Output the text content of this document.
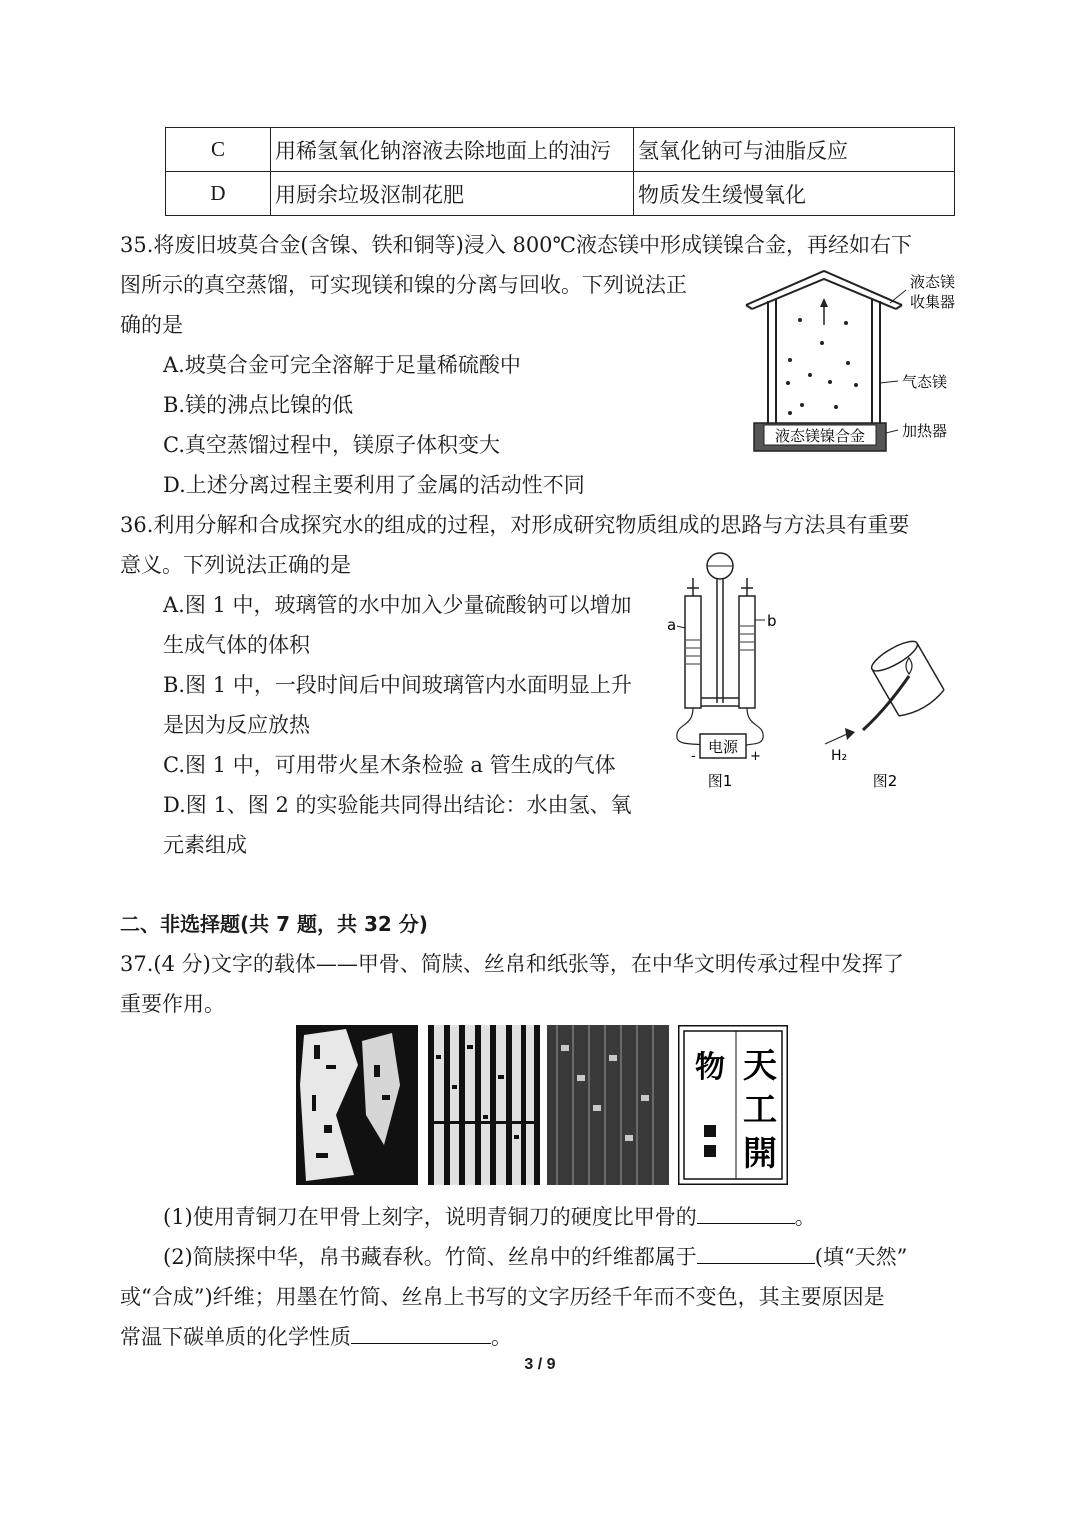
C	用稀氢氧化钠溶液去除地面上的油污	氢氧化钠可与油脂反应
D	用厨余垃圾沤制花肥	物质发生缓慢氧化
35.将废旧坡莫合金(含镍、铁和铜等)浸入 800℃液态镁中形成镁镍合金，再经如右下
图所示的真空蒸馏，可实现镁和镍的分离与回收。下列说法正
确的是
A.坡莫合金可完全溶解于足量稀硫酸中
B.镁的沸点比镍的低
C.真空蒸馏过程中，镁原子体积变大
D.上述分离过程主要利用了金属的活动性不同
液态镁镍合金
液态镁
收集器
气态镁
加热器
36.利用分解和合成探究水的组成的过程，对形成研究物质组成的思路与方法具有重要
意义。下列说法正确的是
A.图 1 中，玻璃管的水中加入少量硫酸钠可以增加
生成气体的体积
B.图 1 中，一段时间后中间玻璃管内水面明显上升
是因为反应放热
C.图 1 中，可用带火星木条检验 a 管生成的气体
D.图 1、图 2 的实验能共同得出结论：水由氢、氧
元素组成
电源
-	+
a	b
图1
H₂
图2
二、非选择题(共 7 题，共 32 分)
37.(4 分)文字的载体——甲骨、简牍、丝帛和纸张等，在中华文明传承过程中发挥了
重要作用。
天
工
開
物
(1)使用青铜刀在甲骨上刻字，说明青铜刀的硬度比甲骨的	。
(2)简牍探中华，帛书藏春秋。竹简、丝帛中的纤维都属于	(填“天然”
或“合成”)纤维；用墨在竹简、丝帛上书写的文字历经千年而不变色，其主要原因是
常温下碳单质的化学性质	。
3 / 9
